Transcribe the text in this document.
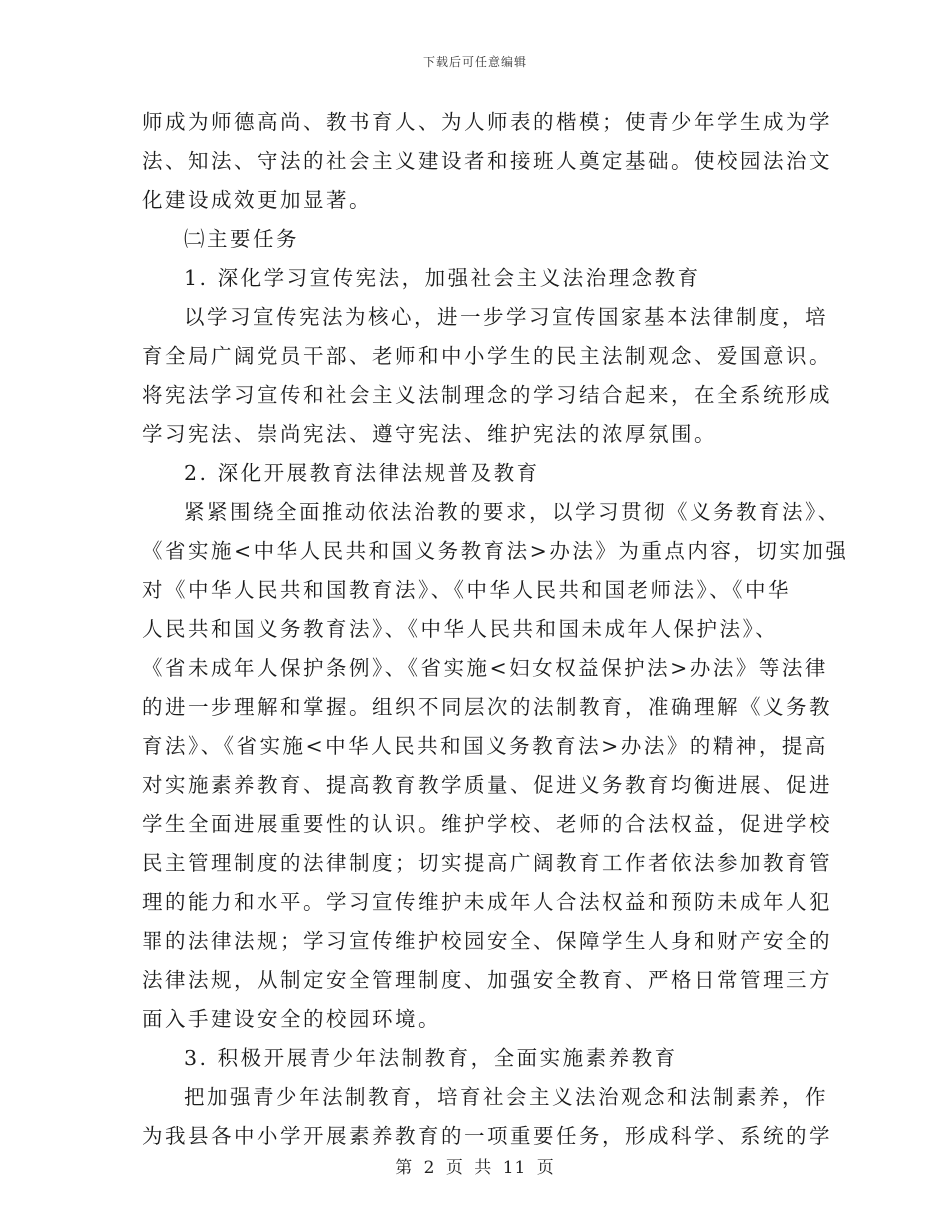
下载后可任意编辑
师成为师德高尚、教书育人、为人师表的楷模；使青少年学生成为学
法、知法、守法的社会主义建设者和接班人奠定基础。使校园法治文
化建设成效更加显著。
㈡主要任务
1. 深化学习宣传宪法，加强社会主义法治理念教育
以学习宣传宪法为核心，进一步学习宣传国家基本法律制度，培
育全局广阔党员干部、老师和中小学生的民主法制观念、爱国意识。
将宪法学习宣传和社会主义法制理念的学习结合起来，在全系统形成
学习宪法、崇尚宪法、遵守宪法、维护宪法的浓厚氛围。
2. 深化开展教育法律法规普及教育
紧紧围绕全面推动依法治教的要求，以学习贯彻《义务教育法》、
《省实施<中华人民共和国义务教育法>办法》为重点内容，切实加强
对《中华人民共和国教育法》、《中华人民共和国老师法》、《中华
人民共和国义务教育法》、《中华人民共和国未成年人保护法》、
《省未成年人保护条例》、《省实施<妇女权益保护法>办法》等法律
的进一步理解和掌握。组织不同层次的法制教育，准确理解《义务教
育法》、《省实施<中华人民共和国义务教育法>办法》的精神，提高
对实施素养教育、提高教育教学质量、促进义务教育均衡进展、促进
学生全面进展重要性的认识。维护学校、老师的合法权益，促进学校
民主管理制度的法律制度；切实提高广阔教育工作者依法参加教育管
理的能力和水平。学习宣传维护未成年人合法权益和预防未成年人犯
罪的法律法规；学习宣传维护校园安全、保障学生人身和财产安全的
法律法规，从制定安全管理制度、加强安全教育、严格日常管理三方
面入手建设安全的校园环境。
3. 积极开展青少年法制教育，全面实施素养教育
把加强青少年法制教育，培育社会主义法治观念和法制素养，作
为我县各中小学开展素养教育的一项重要任务，形成科学、系统的学
第 2 页 共 11 页
